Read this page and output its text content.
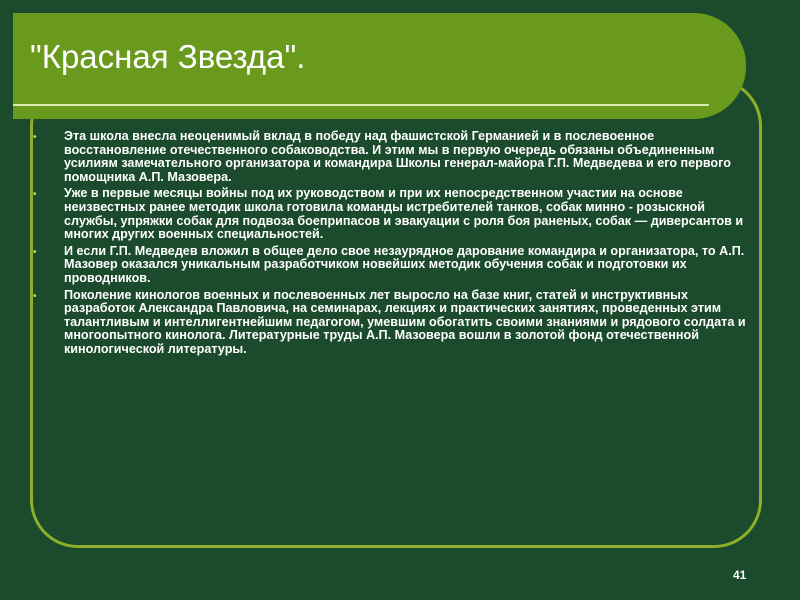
"Красная Звезда".
• Эта школа внесла неоценимый вклад в победу над фашистской Германией и в послевоенное восстановление отечественного собаководства. И этим мы в первую очередь обязаны объединенным усилиям замечательного организатора и командира Школы генерал-майора Г.П. Медведева и его первого помощника А.П. Мазовера.
• Уже в первые месяцы войны под их руководством и при их непосредственном участии на основе неизвестных ранее методик школа готовила команды истребителей танков, собак минно - розыскной службы, упряжки собак для подвоза боеприпасов и эвакуации с роля боя раненых, собак — диверсантов и многих других военных специальностей.
• И если Г.П. Медведев вложил в общее дело свое незаурядное дарование командира и организатора, то А.П. Мазовер оказался уникальным разработчиком новейших методик обучения собак и подготовки их проводников.
• Поколение кинологов военных и послевоенных лет выросло на базе книг, статей и инструктивных разработок Александра Павловича, на семинарах, лекциях и практических занятиях, проведенных этим талантливым и интеллигентнейшим педагогом, умевшим обогатить своими знаниями и рядового солдата и многоопытного кинолога. Литературные труды А.П. Мазовера вошли в золотой фонд отечественной кинологической литературы.
41
